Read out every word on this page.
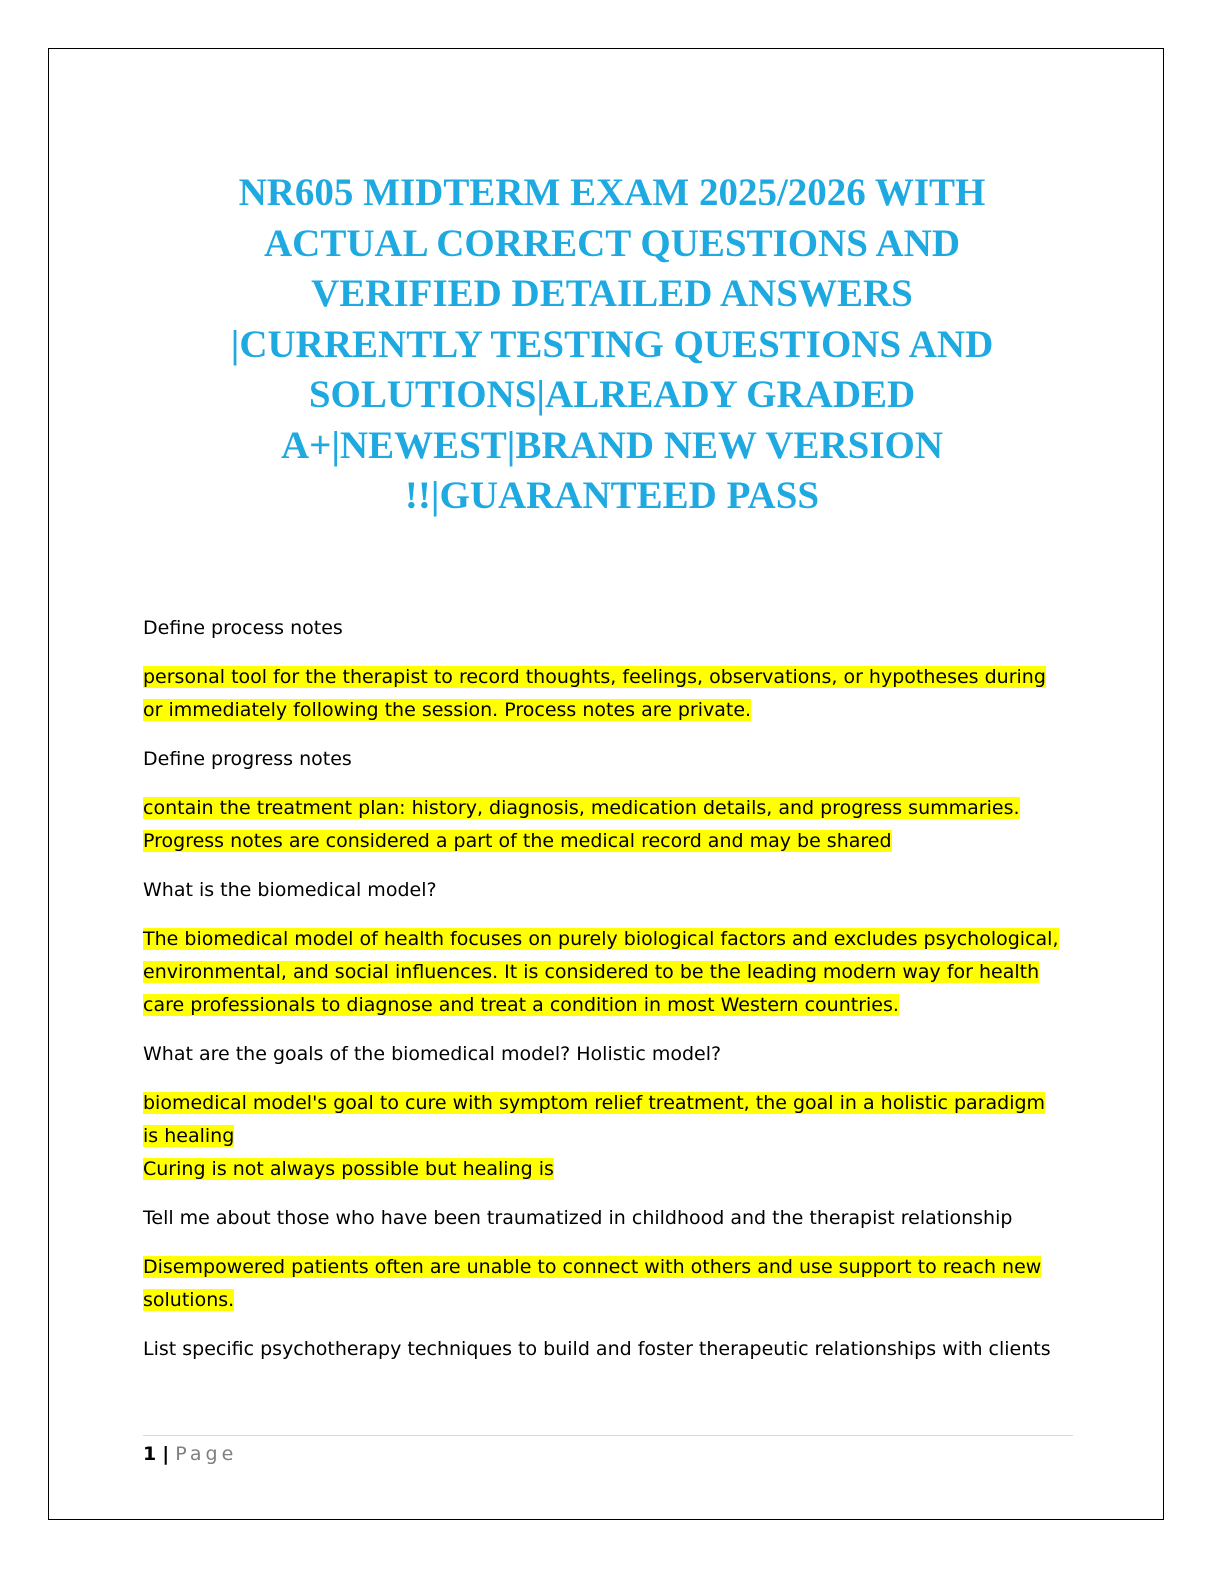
NR605 MIDTERM EXAM 2025/2026 WITH
ACTUAL CORRECT QUESTIONS AND
VERIFIED DETAILED ANSWERS
|CURRENTLY TESTING QUESTIONS AND
SOLUTIONS|ALREADY GRADED
A+|NEWEST|BRAND NEW VERSION
!!|GUARANTEED PASS

Define process notes

personal tool for the therapist to record thoughts, feelings, observations, or hypotheses during
or immediately following the session. Process notes are private.

Define progress notes

contain the treatment plan: history, diagnosis, medication details, and progress summaries.
Progress notes are considered a part of the medical record and may be shared

What is the biomedical model?

The biomedical model of health focuses on purely biological factors and excludes psychological,
environmental, and social influences. It is considered to be the leading modern way for health
care professionals to diagnose and treat a condition in most Western countries.

What are the goals of the biomedical model? Holistic model?

biomedical model's goal to cure with symptom relief treatment, the goal in a holistic paradigm
is healing
Curing is not always possible but healing is

Tell me about those who have been traumatized in childhood and the therapist relationship

Disempowered patients often are unable to connect with others and use support to reach new
solutions.

List specific psychotherapy techniques to build and foster therapeutic relationships with clients

1 | Page
